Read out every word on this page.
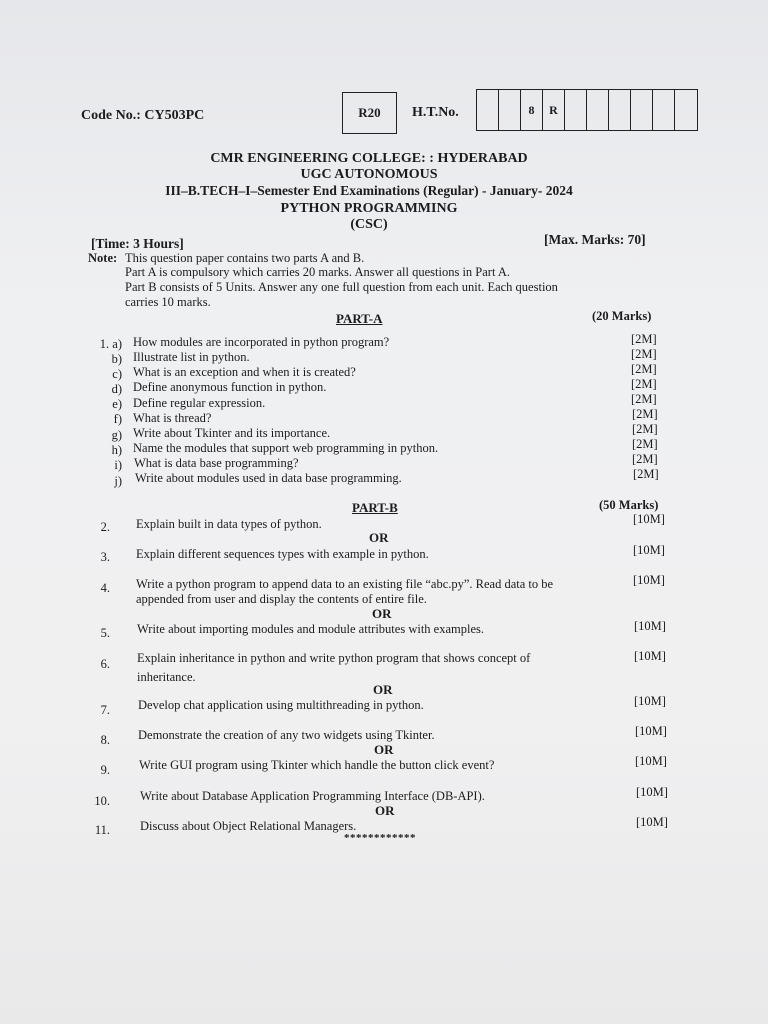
Code No.: CY503PC	R20	H.T.No.	8	R
CMR ENGINEERING COLLEGE: : HYDERABAD
UGC AUTONOMOUS
III–B.TECH–I–Semester End Examinations (Regular) - January- 2024
PYTHON PROGRAMMING
(CSC)
[Time: 3 Hours]	[Max. Marks: 70]
Note: This question paper contains two parts A and B.
Part A is compulsory which carries 20 marks. Answer all questions in Part A.
Part B consists of 5 Units. Answer any one full question from each unit. Each question
carries 10 marks.
PART-A	(20 Marks)
1. a) How modules are incorporated in python program?	[2M]
b) Illustrate list in python.	[2M]
c) What is an exception and when it is created?	[2M]
d) Define anonymous function in python.	[2M]
e) Define regular expression.	[2M]
f) What is thread?	[2M]
g) Write about Tkinter and its importance.	[2M]
h) Name the modules that support web programming in python.	[2M]
i) What is data base programming?	[2M]
j) Write about modules used in data base programming.	[2M]
PART-B	(50 Marks)
2. Explain built in data types of python.	[10M]
OR
3. Explain different sequences types with example in python.	[10M]
4. Write a python program to append data to an existing file “abc.py”. Read data to be
appended from user and display the contents of entire file.
[10M]
OR
5. Write about importing modules and module attributes with examples.	[10M]
6. Explain inheritance in python and write python program that shows concept of
inheritance.
[10M]
OR
7. Develop chat application using multithreading in python.	[10M]
8. Demonstrate the creation of any two widgets using Tkinter.	[10M]
OR
9. Write GUI program using Tkinter which handle the button click event?	[10M]
10. Write about Database Application Programming Interface (DB-API).	[10M]
OR
11. Discuss about Object Relational Managers.	[10M]
************
